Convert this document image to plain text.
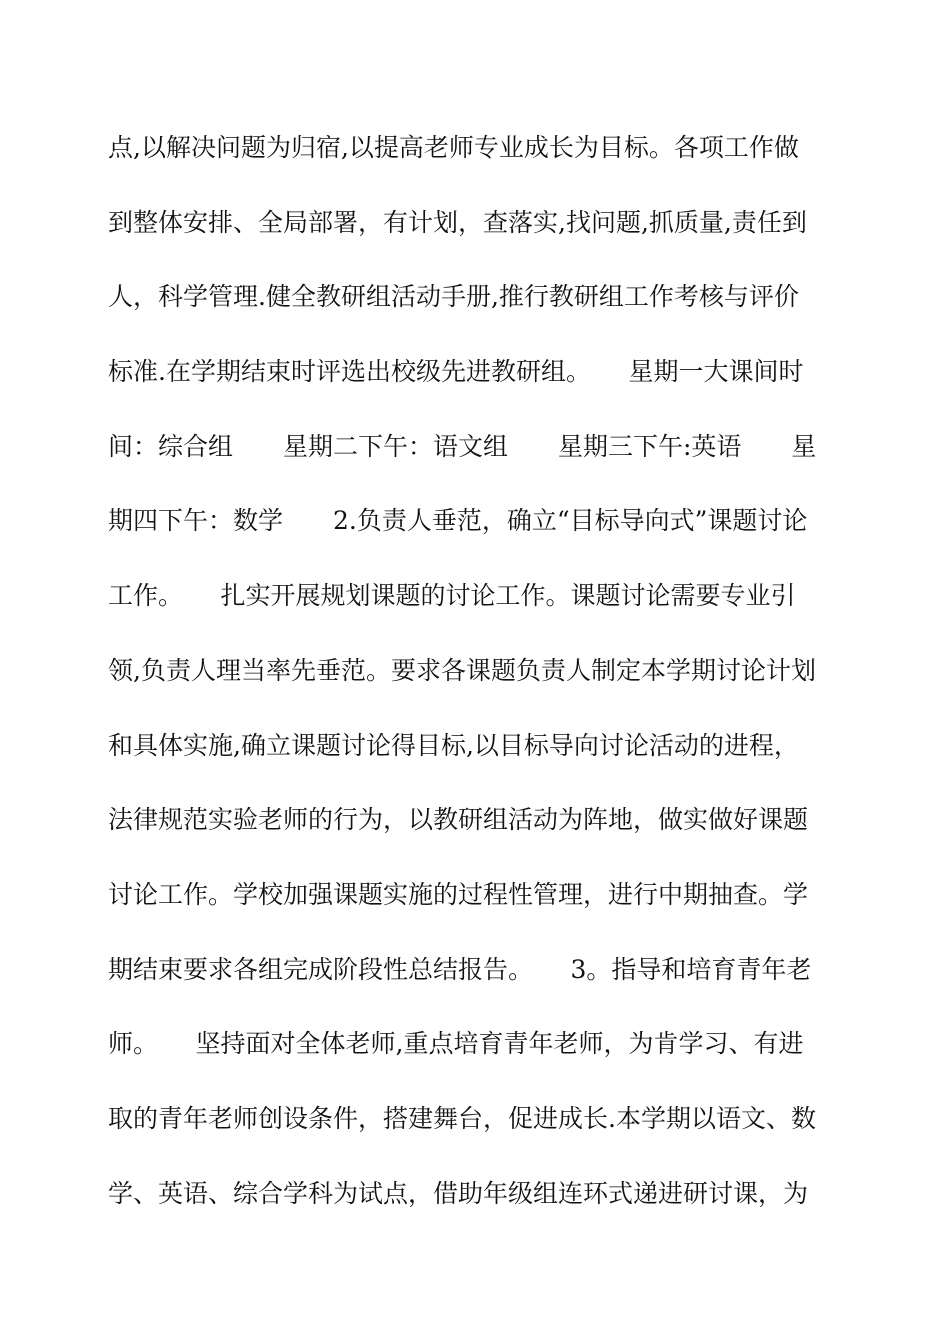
点,以解决问题为归宿,以提高老师专业成长为目标。各项工作做
到整体安排、全局部署，有计划，查落实,找问题,抓质量,责任到
人，科学管理.健全教研组活动手册,推行教研组工作考核与评价
标准.在学期结束时评选出校级先进教研组。　　星期一大课间时
间：综合组　　星期二下午：语文组　　星期三下午:英语　　星
期四下午：数学　　2.负责人垂范，确立“目标导向式”课题讨论
工作。　　扎实开展规划课题的讨论工作。课题讨论需要专业引
领,负责人理当率先垂范。要求各课题负责人制定本学期讨论计划
和具体实施,确立课题讨论得目标,以目标导向讨论活动的进程，
法律规范实验老师的行为，以教研组活动为阵地，做实做好课题
讨论工作。学校加强课题实施的过程性管理，进行中期抽查。学
期结束要求各组完成阶段性总结报告。　　3。指导和培育青年老
师。　　坚持面对全体老师,重点培育青年老师，为肯学习、有进
取的青年老师创设条件，搭建舞台，促进成长.本学期以语文、数
学、英语、综合学科为试点，借助年级组连环式递进研讨课，为
